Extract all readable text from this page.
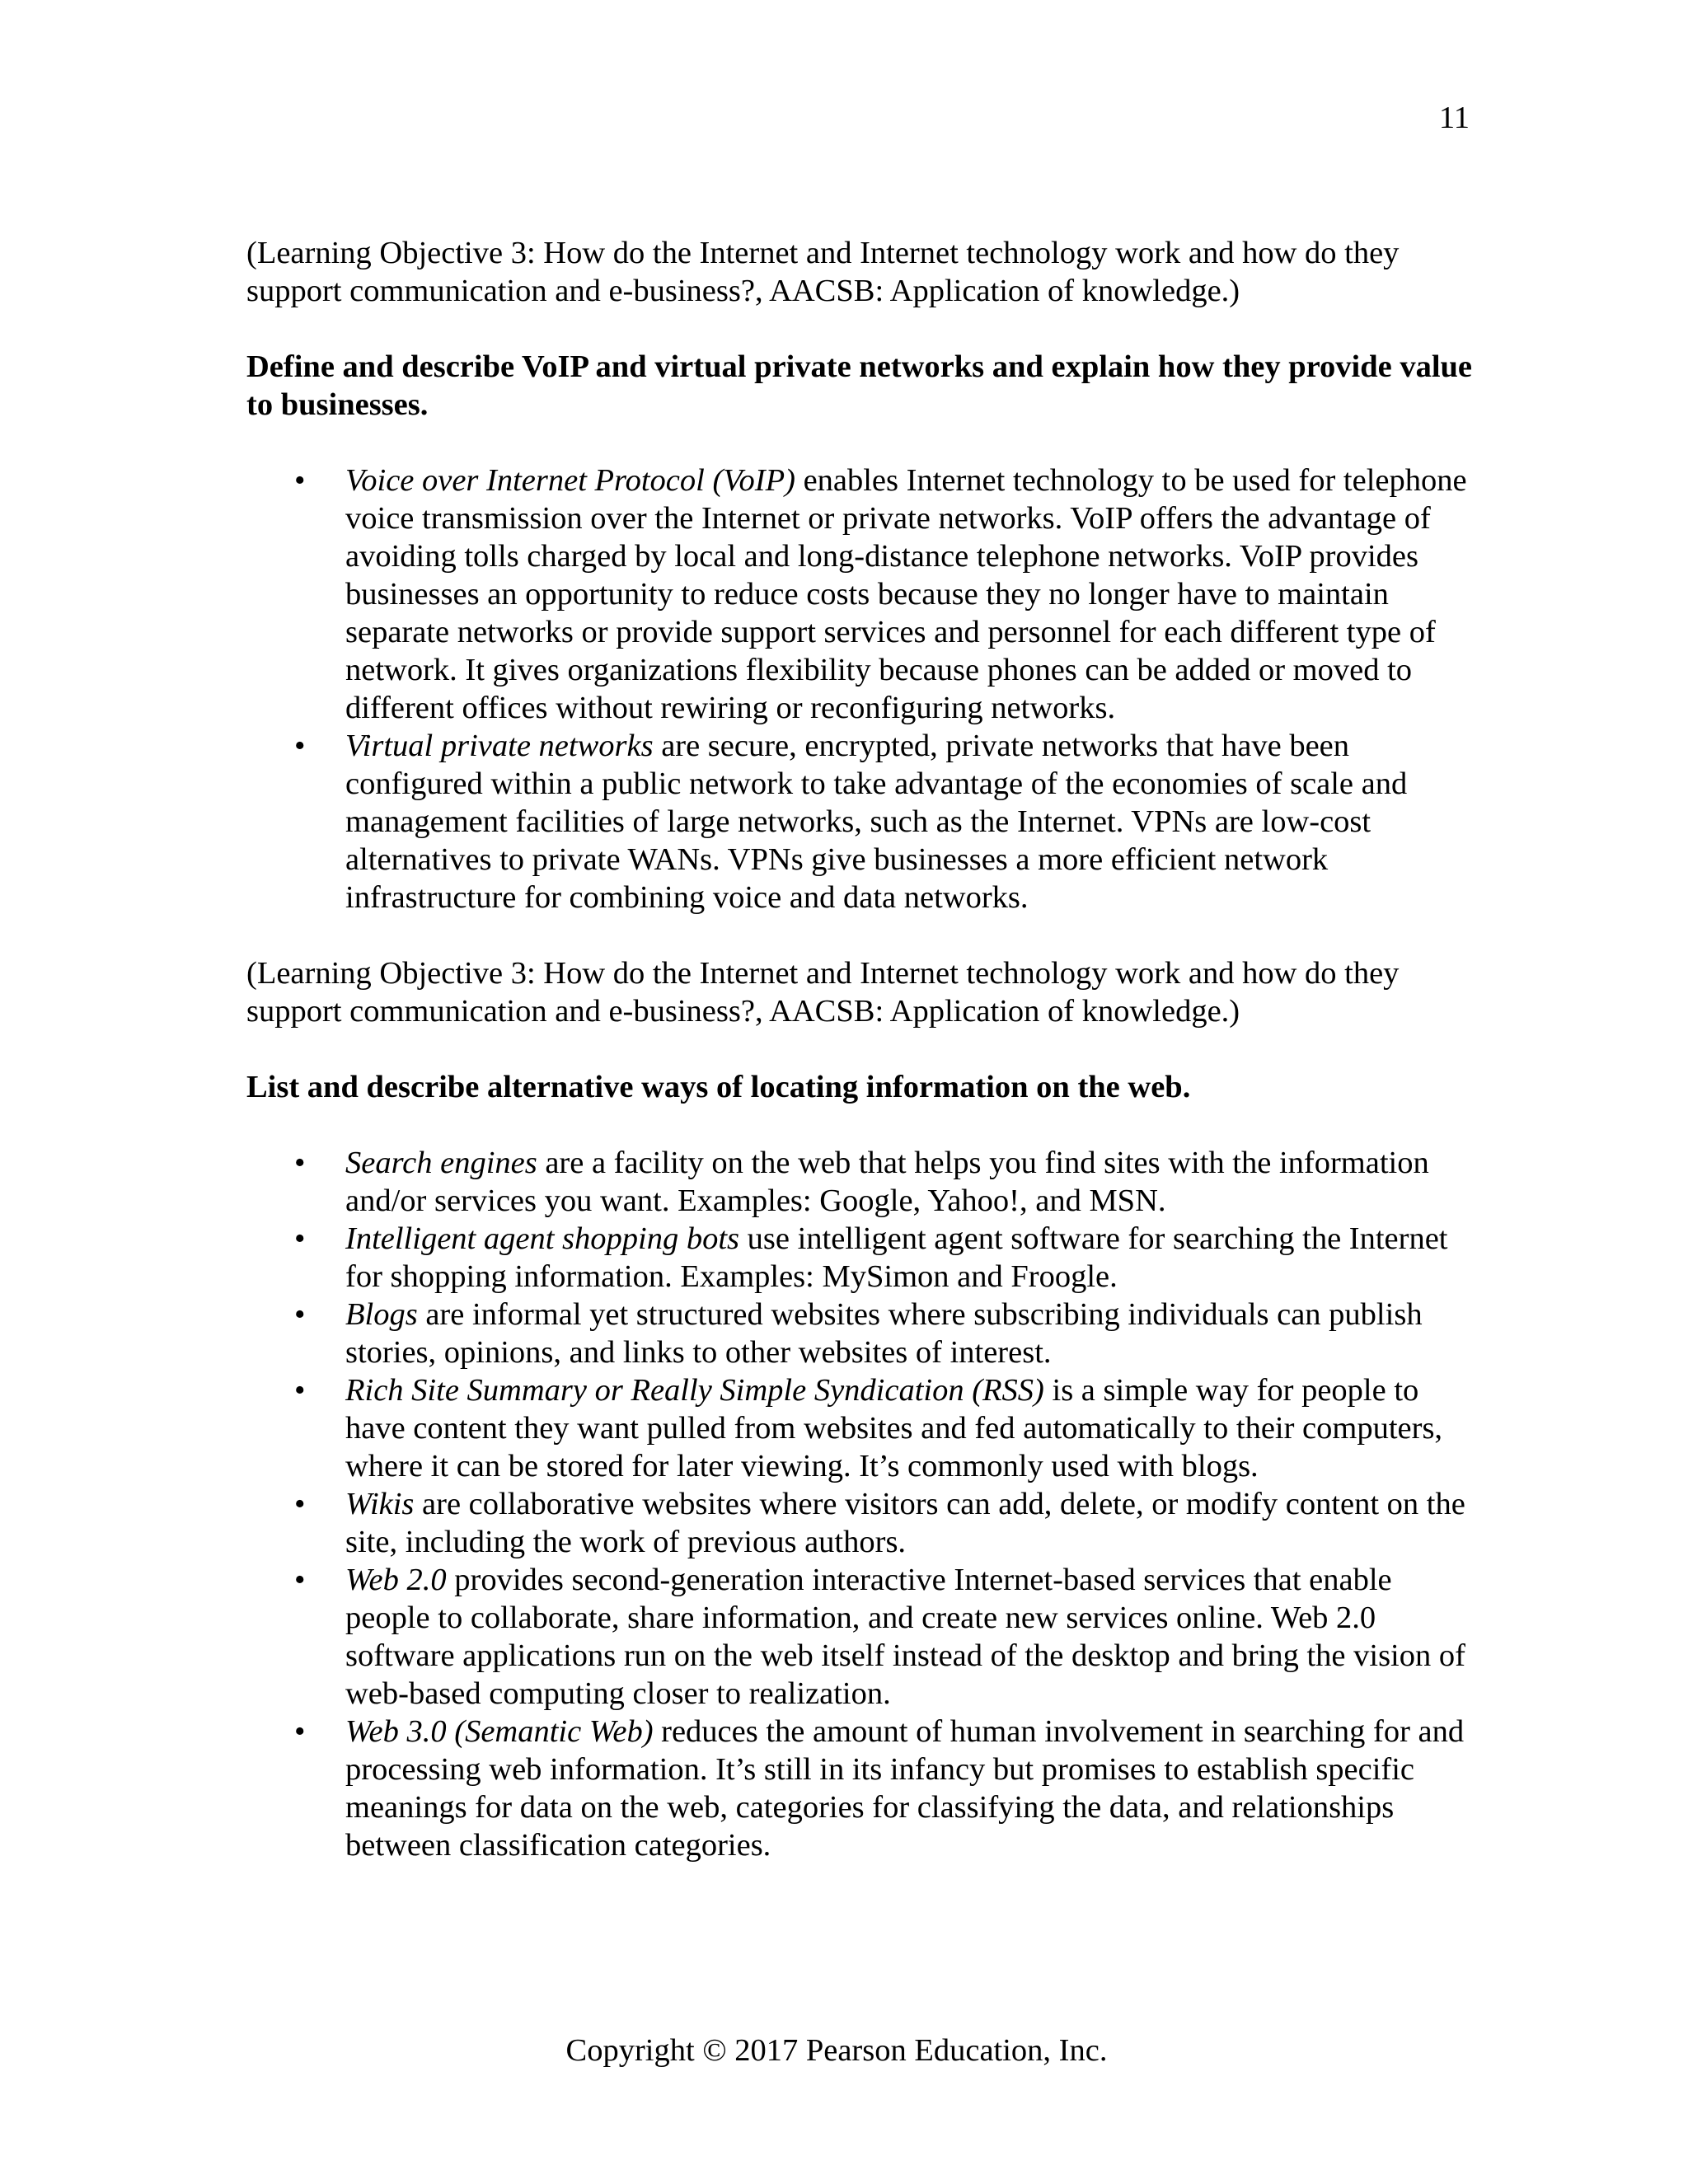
11

(Learning Objective 3: How do the Internet and Internet technology work and how do they support communication and e-business?, AACSB: Application of knowledge.)

Define and describe VoIP and virtual private networks and explain how they provide value to businesses.

• Voice over Internet Protocol (VoIP) enables Internet technology to be used for telephone voice transmission over the Internet or private networks. VoIP offers the advantage of avoiding tolls charged by local and long-distance telephone networks. VoIP provides businesses an opportunity to reduce costs because they no longer have to maintain separate networks or provide support services and personnel for each different type of network. It gives organizations flexibility because phones can be added or moved to different offices without rewiring or reconfiguring networks.
• Virtual private networks are secure, encrypted, private networks that have been configured within a public network to take advantage of the economies of scale and management facilities of large networks, such as the Internet. VPNs are low-cost alternatives to private WANs. VPNs give businesses a more efficient network infrastructure for combining voice and data networks.

(Learning Objective 3: How do the Internet and Internet technology work and how do they support communication and e-business?, AACSB: Application of knowledge.)

List and describe alternative ways of locating information on the web.

• Search engines are a facility on the web that helps you find sites with the information and/or services you want. Examples: Google, Yahoo!, and MSN.
• Intelligent agent shopping bots use intelligent agent software for searching the Internet for shopping information. Examples: MySimon and Froogle.
• Blogs are informal yet structured websites where subscribing individuals can publish stories, opinions, and links to other websites of interest.
• Rich Site Summary or Really Simple Syndication (RSS) is a simple way for people to have content they want pulled from websites and fed automatically to their computers, where it can be stored for later viewing. It’s commonly used with blogs.
• Wikis are collaborative websites where visitors can add, delete, or modify content on the site, including the work of previous authors.
• Web 2.0 provides second-generation interactive Internet-based services that enable people to collaborate, share information, and create new services online. Web 2.0 software applications run on the web itself instead of the desktop and bring the vision of web-based computing closer to realization.
• Web 3.0 (Semantic Web) reduces the amount of human involvement in searching for and processing web information. It’s still in its infancy but promises to establish specific meanings for data on the web, categories for classifying the data, and relationships between classification categories.

Copyright © 2017 Pearson Education, Inc.
